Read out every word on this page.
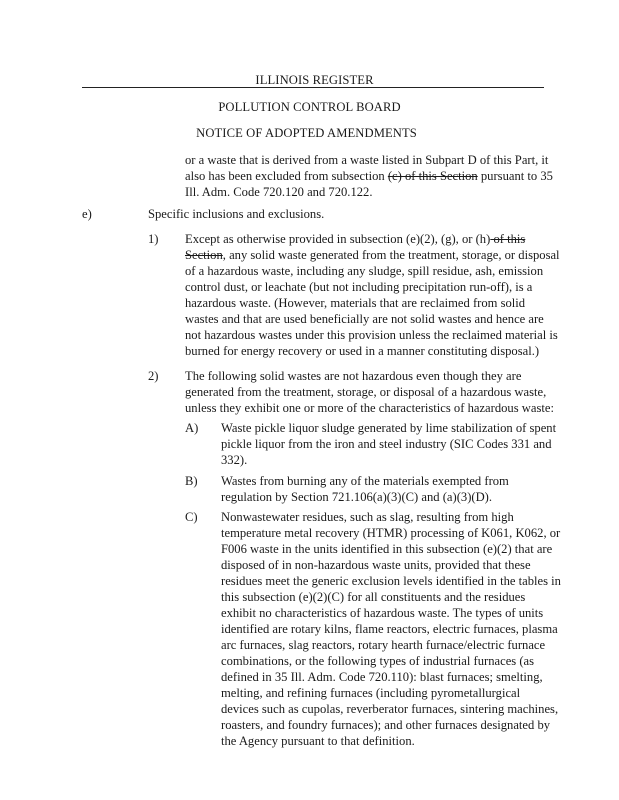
ILLINOIS REGISTER
POLLUTION CONTROL BOARD
NOTICE OF ADOPTED AMENDMENTS

or a waste that is derived from a waste listed in Subpart D of this Part, it

also has been excluded from subsection (c) of this Section pursuant to 35

Ill. Adm. Code 720.120 and 720.122.

e)	Specific inclusions and exclusions.
1) Except as otherwise provided in subsection (e)(2), (g), or (h) of this

Section, any solid waste generated from the treatment, storage, or disposal

of a hazardous waste, including any sludge, spill residue, ash, emission

control dust, or leachate (but not including precipitation run-off), is a

hazardous waste. (However, materials that are reclaimed from solid

wastes and that are used beneficially are not solid wastes and hence are

not hazardous wastes under this provision unless the reclaimed material is

burned for energy recovery or used in a manner constituting disposal.)

2) The following solid wastes are not hazardous even though they are

generated from the treatment, storage, or disposal of a hazardous waste,

unless they exhibit one or more of the characteristics of hazardous waste:

A) Waste pickle liquor sludge generated by lime stabilization of spent

pickle liquor from the iron and steel industry (SIC Codes 331 and

332).

B) Wastes from burning any of the materials exempted from

regulation by Section 721.106(a)(3)(C) and (a)(3)(D).

C) Nonwastewater residues, such as slag, resulting from high

temperature metal recovery (HTMR) processing of K061, K062, or

F006 waste in the units identified in this subsection (e)(2) that are

disposed of in non-hazardous waste units, provided that these

residues meet the generic exclusion levels identified in the tables in

this subsection (e)(2)(C) for all constituents and the residues

exhibit no characteristics of hazardous waste. The types of units

identified are rotary kilns, flame reactors, electric furnaces, plasma

arc furnaces, slag reactors, rotary hearth furnace/electric furnace

combinations, or the following types of industrial furnaces (as

defined in 35 Ill. Adm. Code 720.110): blast furnaces; smelting,

melting, and refining furnaces (including pyrometallurgical

devices such as cupolas, reverberator furnaces, sintering machines,

roasters, and foundry furnaces); and other furnaces designated by

the Agency pursuant to that definition.
